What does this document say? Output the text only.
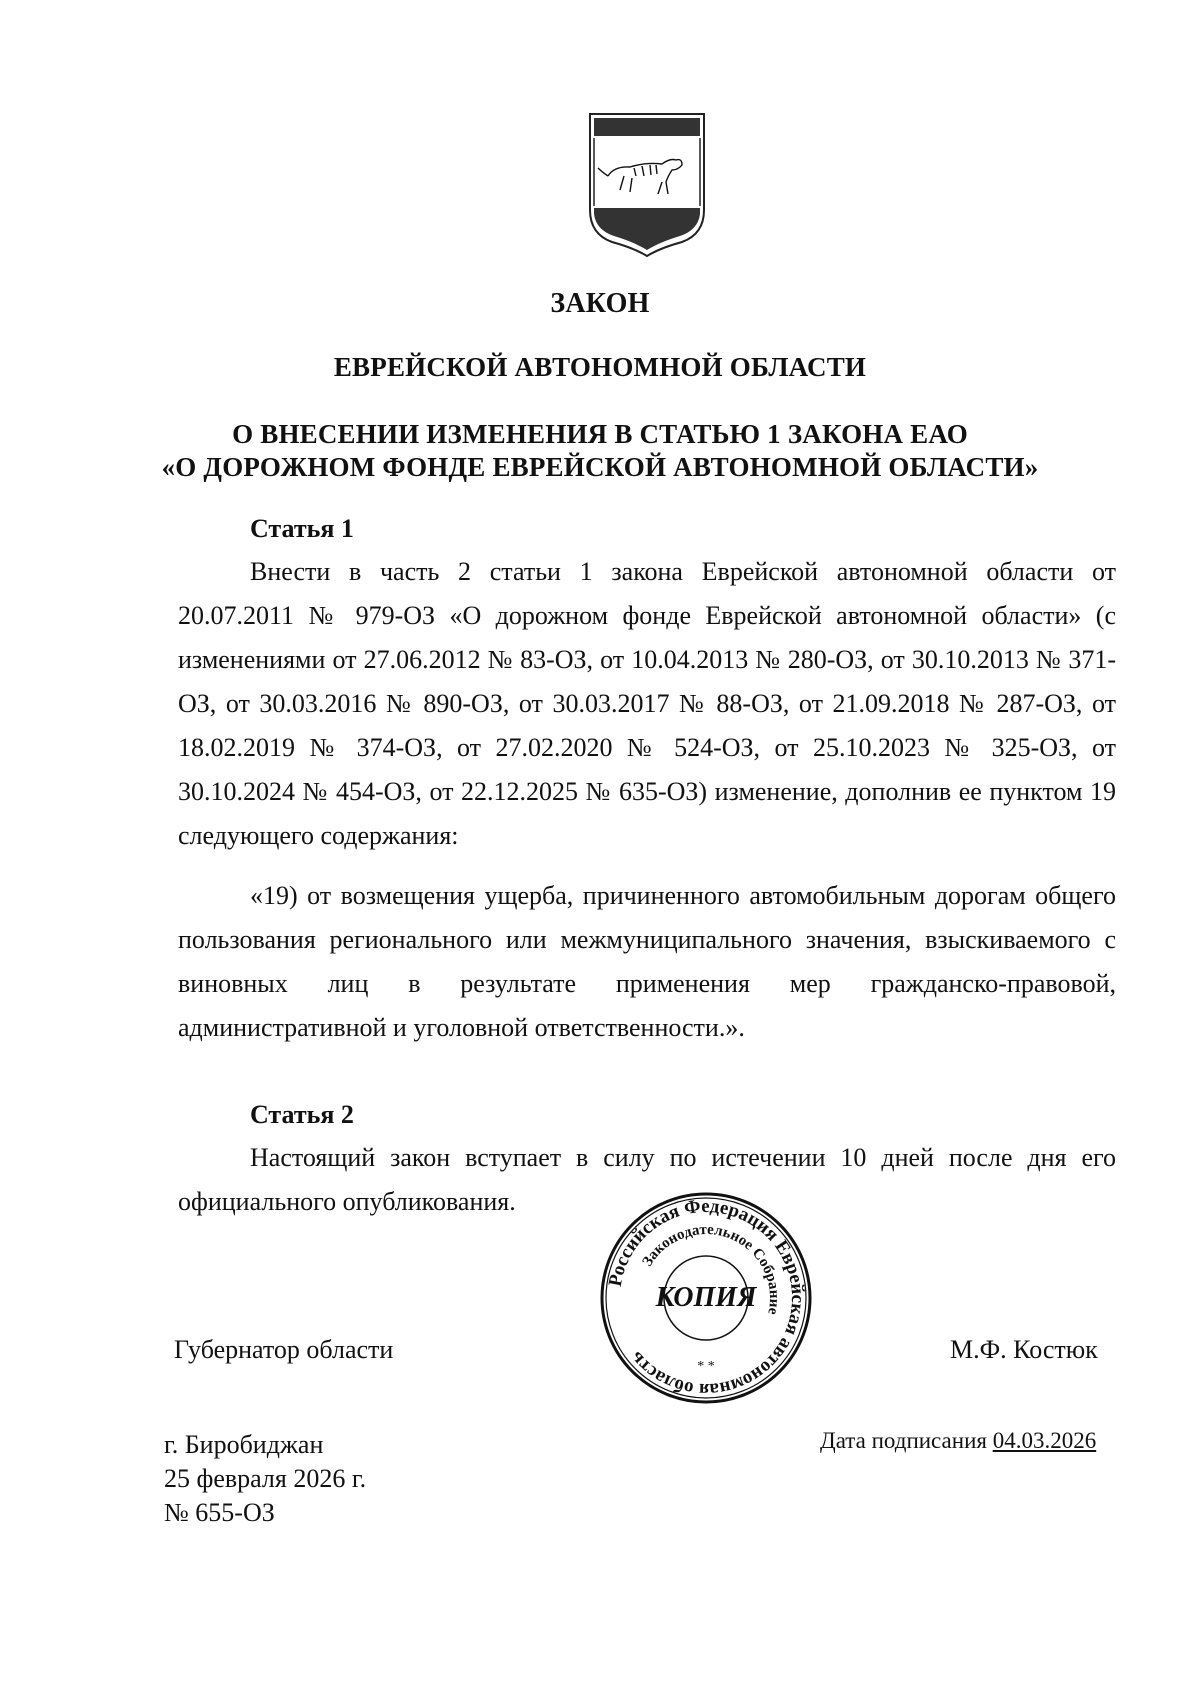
ЗАКОН
ЕВРЕЙСКОЙ АВТОНОМНОЙ ОБЛАСТИ
О ВНЕСЕНИИ ИЗМЕНЕНИЯ В СТАТЬЮ 1 ЗАКОНА ЕАО
«О ДОРОЖНОМ ФОНДЕ ЕВРЕЙСКОЙ АВТОНОМНОЙ ОБЛАСТИ»
Статья 1
Внести в часть 2 статьи 1 закона Еврейской автономной области от 20.07.2011 № 979-ОЗ «О дорожном фонде Еврейской автономной области» (с изменениями от 27.06.2012 № 83-ОЗ, от 10.04.2013 № 280-ОЗ, от 30.10.2013 № 371-ОЗ, от 30.03.2016 № 890-ОЗ, от 30.03.2017 № 88-ОЗ, от 21.09.2018 № 287-ОЗ, от 18.02.2019 № 374-ОЗ, от 27.02.2020 № 524-ОЗ, от 25.10.2023 № 325-ОЗ, от 30.10.2024 № 454-ОЗ, от 22.12.2025 № 635-ОЗ) изменение, дополнив ее пунктом 19 следующего содержания:
«19) от возмещения ущерба, причиненного автомобильным дорогам общего пользования регионального или межмуниципального значения, взыскиваемого с виновных лиц в результате применения мер гражданско-правовой, административной и уголовной ответственности.».
Статья 2
Настоящий закон вступает в силу по истечении 10 дней после дня его официального опубликования.
Российская Федерация Еврейская автономная область
Законодательное Собрание
КОПИЯ
* *
Губернатор области	М.Ф. Костюк
г. Биробиджан
25 февраля 2026 г.
№ 655-ОЗ
Дата подписания 04.03.2026
